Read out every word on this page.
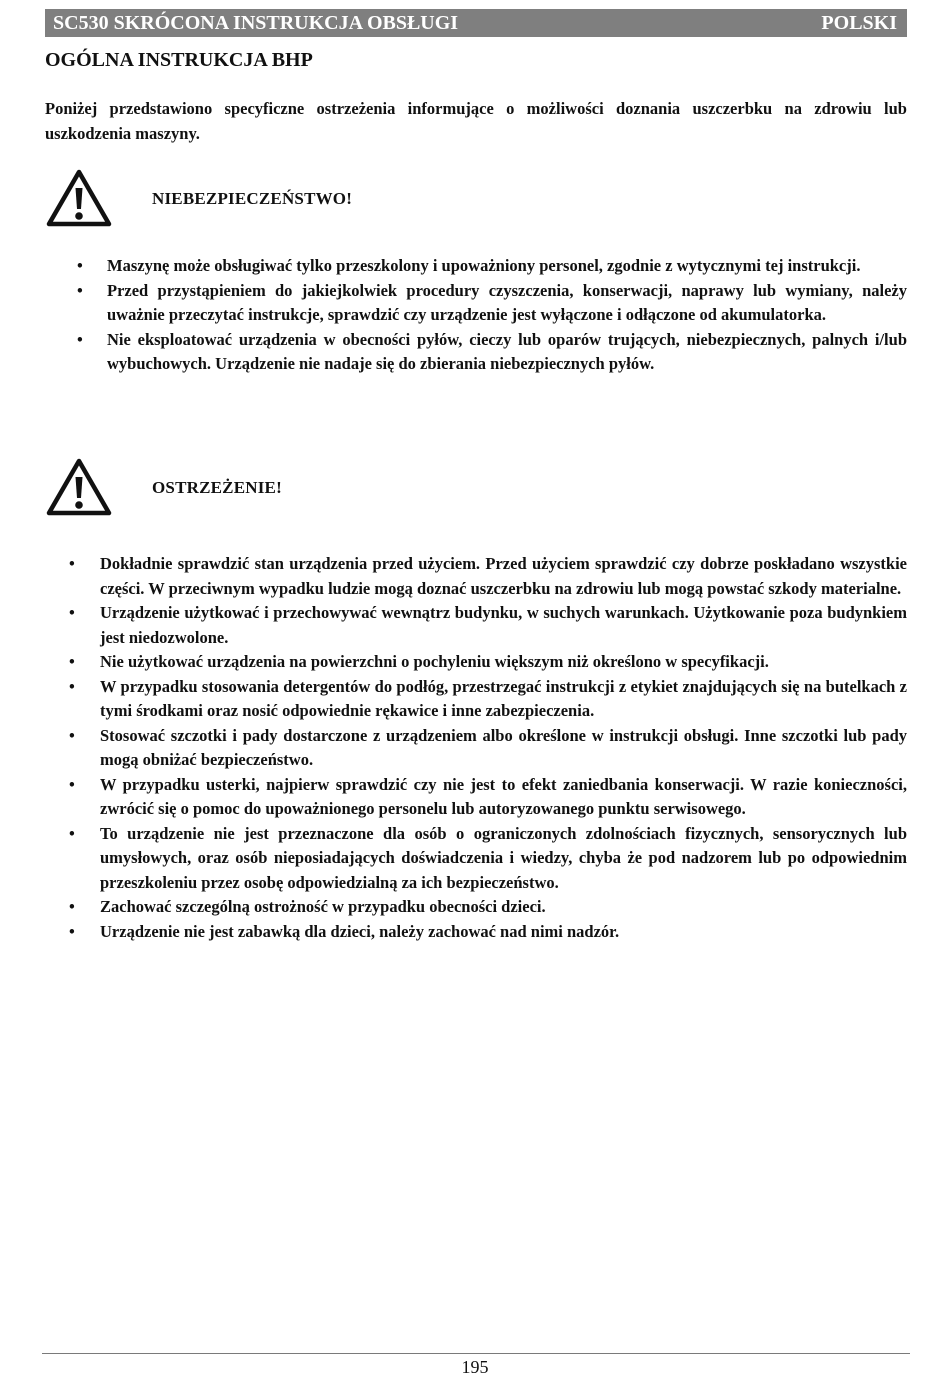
SC530 SKRÓCONA INSTRUKCJA OBSŁUGI	POLSKI
OGÓLNA INSTRUKCJA BHP

Poniżej przedstawiono specyficzne ostrzeżenia informujące o możliwości doznania uszczerbku na zdrowiu lub uszkodzenia maszyny.

NIEBEZPIECZEŃSTWO!
• Maszynę może obsługiwać tylko przeszkolony i upoważniony personel, zgodnie z wytycznymi tej instrukcji.
• Przed przystąpieniem do jakiejkolwiek procedury czyszczenia, konserwacji, naprawy lub wymiany, należy uważnie przeczytać instrukcje, sprawdzić czy urządzenie jest wyłączone i odłączone od akumulatorka.
• Nie eksploatować urządzenia w obecności pyłów, cieczy lub oparów trujących, niebezpiecznych, palnych i/lub wybuchowych. Urządzenie nie nadaje się do zbierania niebezpiecznych pyłów.
OSTRZEŻENIE!
• Dokładnie sprawdzić stan urządzenia przed użyciem. Przed użyciem sprawdzić czy dobrze poskładano wszystkie części. W przeciwnym wypadku ludzie mogą doznać uszczerbku na zdrowiu lub mogą powstać szkody materialne.
• Urządzenie użytkować i przechowywać wewnątrz budynku, w suchych warunkach. Użytkowanie poza budynkiem jest niedozwolone.
• Nie użytkować urządzenia na powierzchni o pochyleniu większym niż określono w specyfikacji.
• W przypadku stosowania detergentów do podłóg, przestrzegać instrukcji z etykiet znajdujących się na butelkach z tymi środkami oraz nosić odpowiednie rękawice i inne zabezpieczenia.
• Stosować szczotki i pady dostarczone z urządzeniem albo określone w instrukcji obsługi. Inne szczotki lub pady mogą obniżać bezpieczeństwo.
• W przypadku usterki, najpierw sprawdzić czy nie jest to efekt zaniedbania konserwacji. W razie konieczności, zwrócić się o pomoc do upoważnionego personelu lub autoryzowanego punktu serwisowego.
• To urządzenie nie jest przeznaczone dla osób o ograniczonych zdolnościach fizycznych, sensorycznych lub umysłowych, oraz osób nieposiadających doświadczenia i wiedzy, chyba że pod nadzorem lub po odpowiednim przeszkoleniu przez osobę odpowiedzialną za ich bezpieczeństwo.
• Zachować szczególną ostrożność w przypadku obecności dzieci.
• Urządzenie nie jest zabawką dla dzieci, należy zachować nad nimi nadzór.
195
